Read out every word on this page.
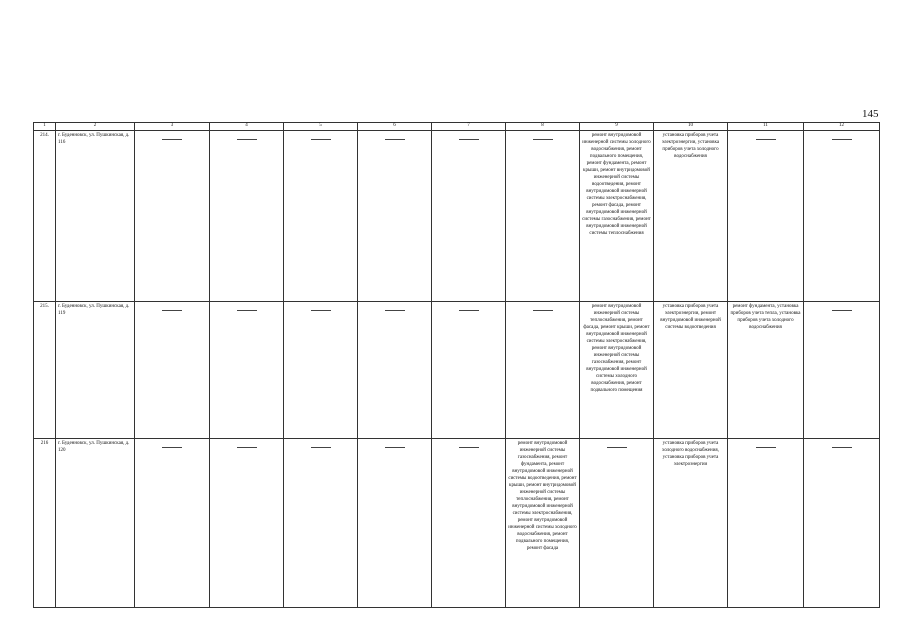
145
1	2	3	4	5	6	7	8	9	10	11	12
214.	г. Буденновск, ул. Пушкинская, д. 116							ремонт внутридомовой инженерной системы холодного водоснабжения, ремонт подвального помещения, ремонт фундамента, ремонт крыши, ремонт внутридомовой инженерной системы водоотведения, ремонт внутридомовой инженерной системы электроснабжения, ремонт фасада, ремонт внутридомовой инженерной системы газоснабжения, ремонт внутридомовой инженерной системы теплоснабжения	установка приборов учета электроэнергии, установка приборов учета холодного водоснабжения	

215.	г. Буденновск, ул. Пушкинская, д. 119							ремонт внутридомовой инженерной системы теплоснабжения, ремонт фасада, ремонт крыши, ремонт внутридомовой инженерной системы электроснабжения, ремонт внутридомовой инженерной системы газоснабжения, ремонт внутридомовой инженерной системы холодного водоснабжения, ремонт подвального помещения	установка приборов учета электроэнергии, ремонт внутридомовой инженерной системы водоотведения	ремонт фундамента, установка приборов учета тепла, установка приборов учета холодного водоснабжения	

216	г. Буденновск, ул. Пушкинская, д. 120						ремонт внутридомовой инженерной системы газоснабжения, ремонт фундамента, ремонт внутридомовой инженерной системы водоотведения, ремонт крыши, ремонт внутридомовой инженерной системы теплоснабжения, ремонт внутридомовой инженерной системы электроснабжения, ремонт внутридомовой инженерной системы холодного водоснабжения, ремонт подвального помещения, ремонт фасада		установка приборов учета холодного водоснабжения, установка приборов учета электроэнергии	
